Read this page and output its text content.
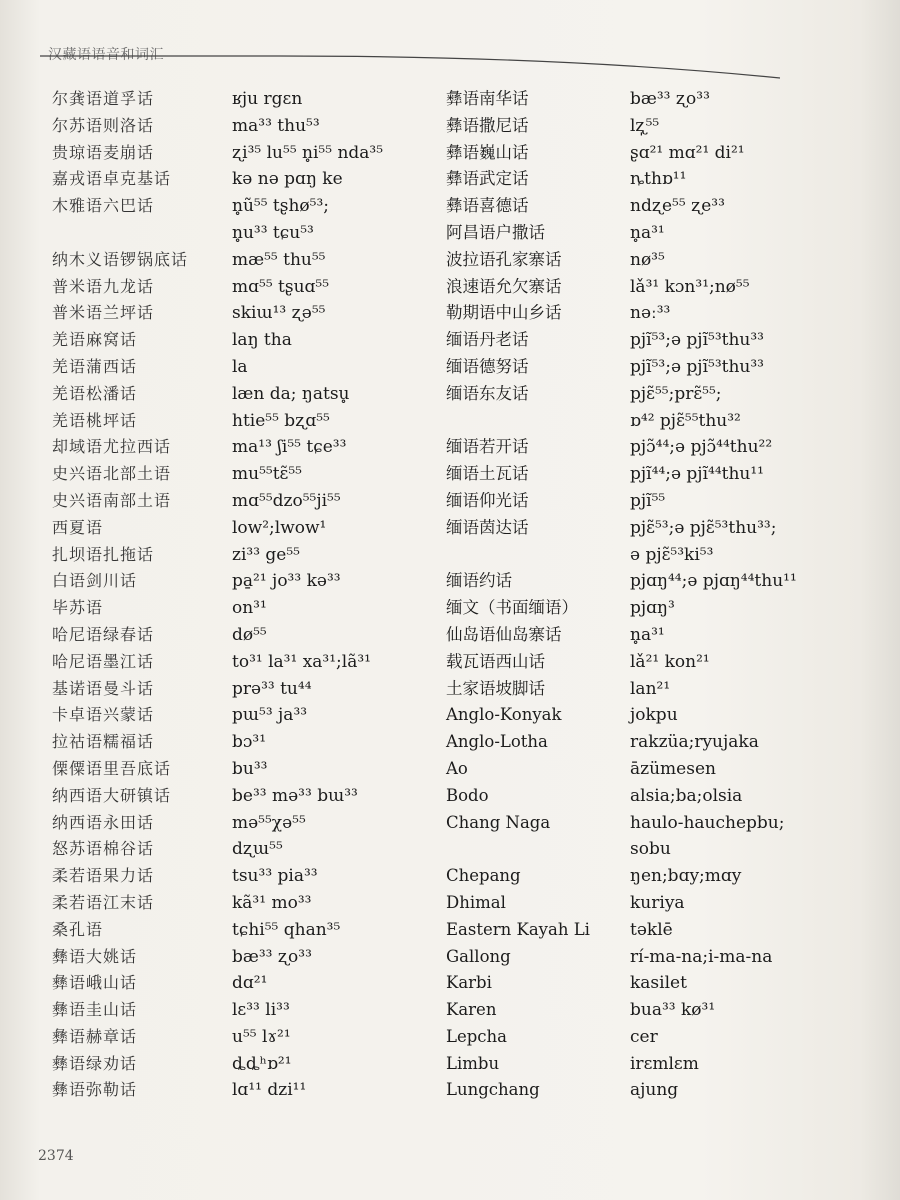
汉藏语语音和词汇
尔龚语道孚话
尔苏语则洛话
贵琼语麦崩话
嘉戎语卓克基话
木雅语六巴话
纳木义语锣锅底话
普米语九龙话
普米语兰坪话
羌语麻窝话
羌语蒲西话
羌语松潘话
羌语桃坪话
却域语尤拉西话
史兴语北部土语
史兴语南部土语
西夏语
扎坝语扎拖话
白语剑川话
毕苏语
哈尼语绿春话
哈尼语墨江话
基诺语曼斗话
卡卓语兴蒙话
拉祜语糯福话
傈僳语里吾底话
纳西语大研镇话
纳西语永田话
怒苏语棉谷话
柔若语果力话
柔若语江末话
桑孔语
彝语大姚话
彝语峨山话
彝语圭山话
彝语赫章话
彝语绿劝话
彝语弥勒话
ʁju rgɛn
ma³³ thu⁵³
ʐi³⁵ lu⁵⁵ n̥i⁵⁵ nda³⁵
kə nə pɑŋ ke
n̥ũ⁵⁵ tʂhø⁵³;
n̥u³³ tɕu⁵³
mæ⁵⁵ thu⁵⁵
mɑ⁵⁵ tʂuɑ⁵⁵
skiɯ¹³ ʐə⁵⁵
laŋ tha
la
læn da; ŋatsu̥
htie⁵⁵ bʐɑ⁵⁵
ma¹³ ʃi⁵⁵ tɕe³³
mu⁵⁵tɛ̃⁵⁵
mɑ⁵⁵dzo⁵⁵ji⁵⁵
low²;lwow¹
zi³³ ge⁵⁵
pa̱²¹ jo³³ kə³³
on³¹
dø⁵⁵
to³¹ la³¹ xa³¹;lã³¹
prə³³ tu⁴⁴
pɯ⁵³ ja³³
bɔ³¹
bu³³
be³³ mə³³ bɯ³³
mə⁵⁵χə⁵⁵
dʐɯ⁵⁵
tsu³³ pia³³
kã³¹ mo³³
tɕhi⁵⁵ qhan³⁵
bæ³³ ʐo³³
dɑ²¹
lɛ³³ li³³
u⁵⁵ lɤ²¹
ȡȡʰɒ²¹
lɑ¹¹ dzi¹¹
彝语南华话
彝语撒尼话
彝语巍山话
彝语武定话
彝语喜德话
阿昌语户撒话
波拉语孔家寨话
浪速语允欠寨话
勒期语中山乡话
缅语丹老话
缅语德努话
缅语东友话
缅语若开话
缅语土瓦话
缅语仰光话
缅语茵达话
缅语约话
缅文（书面缅语）
仙岛语仙岛寨话
载瓦语西山话
土家语坡脚话
Anglo-Konyak
Anglo-Lotha
Ao
Bodo
Chang Naga
Chepang
Dhimal
Eastern Kayah Li
Gallong
Karbi
Karen
Lepcha
Limbu
Lungchang
bæ³³ ʐo³³
lʐ̩⁵⁵
ʂɑ²¹ mɑ²¹ di²¹
ȵthɒ¹¹
ndʐe⁵⁵ ʐe³³
n̥a³¹
nø³⁵
lǎ³¹ kɔn³¹;nø⁵⁵
nəː³³
pjĩ⁵³;ə pjĩ⁵³thu³³
pjĩ⁵³;ə pjĩ⁵³thu³³
pjɛ̃⁵⁵;prɛ̃⁵⁵;
ɒ⁴² pjɛ̃⁵⁵thu³²
pjɔ̃⁴⁴;ə pjɔ̃⁴⁴thu²²
pjĩ⁴⁴;ə pjĩ⁴⁴thu¹¹
pjĩ⁵⁵
pjɛ̃⁵³;ə pjɛ̃⁵³thu³³;
ə pjɛ̃⁵³ki⁵³
pjɑŋ⁴⁴;ə pjɑŋ⁴⁴thu¹¹
pjɑŋ³
n̥a³¹
lǎ²¹ kon²¹
lan²¹
jokpu
rakzüa;ryujaka
āzümesen
alsia;ba;olsia
haulo-hauchepbu;
sobu
ŋen;bɑy;mɑy
kuriya
təklē
rí-ma-na;i-ma-na
kasilet
bua³³ kø³¹
cer
irɛmlɛm
ajung
2374
